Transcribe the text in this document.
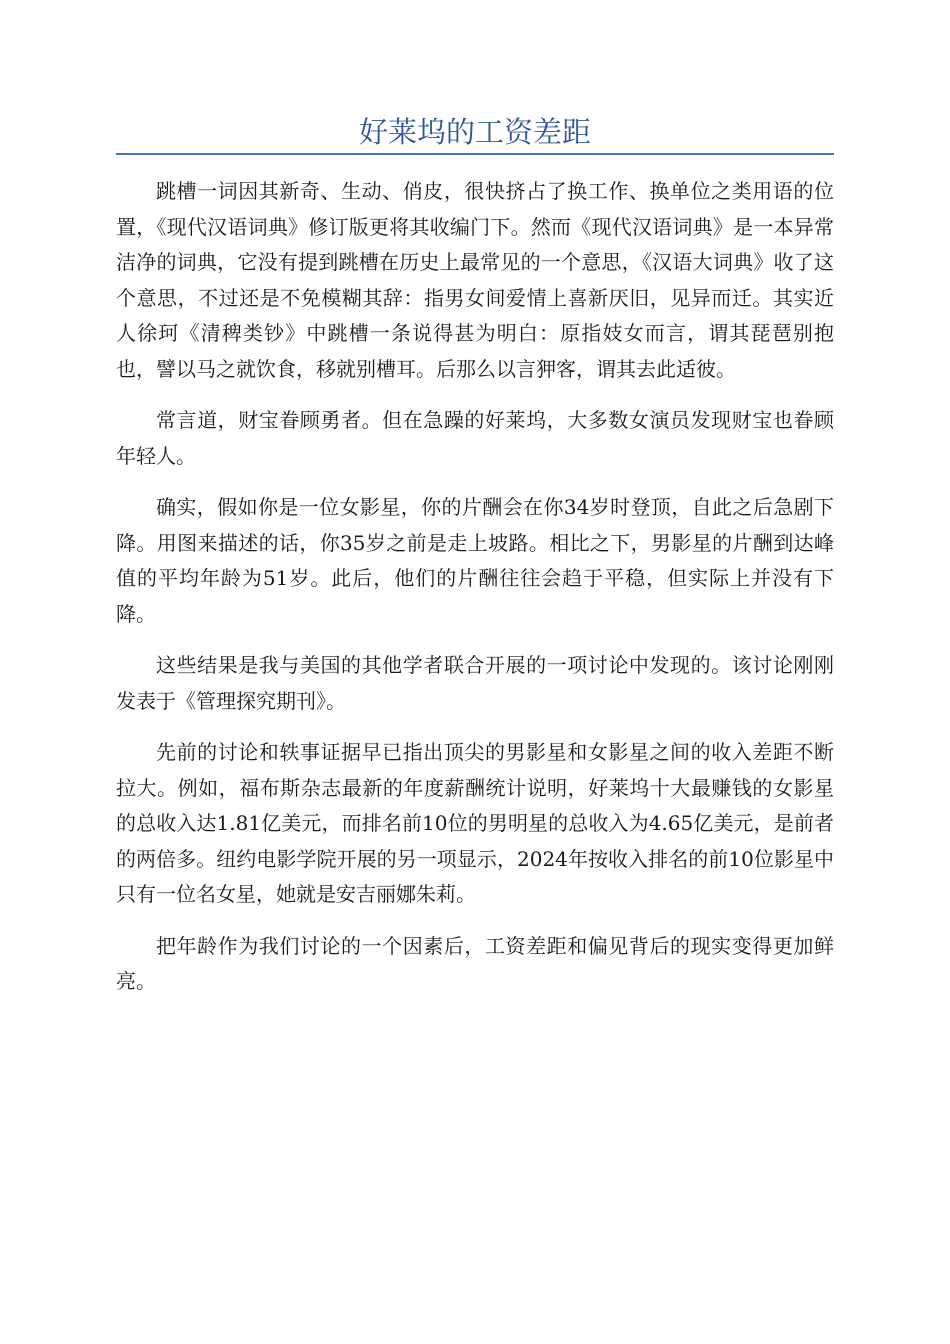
好莱坞的工资差距

跳槽一词因其新奇、生动、俏皮，很快挤占了换工作、换单位之类用语的位置，《现代汉语词典》修订版更将其收编门下。然而《现代汉语词典》是一本异常洁净的词典，它没有提到跳槽在历史上最常见的一个意思，《汉语大词典》收了这个意思，不过还是不免模糊其辞：指男女间爱情上喜新厌旧，见异而迁。其实近人徐珂《清稗类钞》中跳槽一条说得甚为明白：原指妓女而言，谓其琵琶别抱也，譬以马之就饮食，移就别槽耳。后那么以言狎客，谓其去此适彼。

常言道，财宝眷顾勇者。但在急躁的好莱坞，大多数女演员发现财宝也眷顾年轻人。

确实，假如你是一位女影星，你的片酬会在你34岁时登顶，自此之后急剧下降。用图来描述的话，你35岁之前是走上坡路。相比之下，男影星的片酬到达峰值的平均年龄为51岁。此后，他们的片酬往往会趋于平稳，但实际上并没有下降。

这些结果是我与美国的其他学者联合开展的一项讨论中发现的。该讨论刚刚发表于《管理探究期刊》。

先前的讨论和轶事证据早已指出顶尖的男影星和女影星之间的收入差距不断拉大。例如，福布斯杂志最新的年度薪酬统计说明，好莱坞十大最赚钱的女影星的总收入达1.81亿美元，而排名前10位的男明星的总收入为4.65亿美元，是前者的两倍多。纽约电影学院开展的另一项显示，2024年按收入排名的前10位影星中只有一位名女星，她就是安吉丽娜朱莉。

把年龄作为我们讨论的一个因素后，工资差距和偏见背后的现实变得更加鲜亮。
